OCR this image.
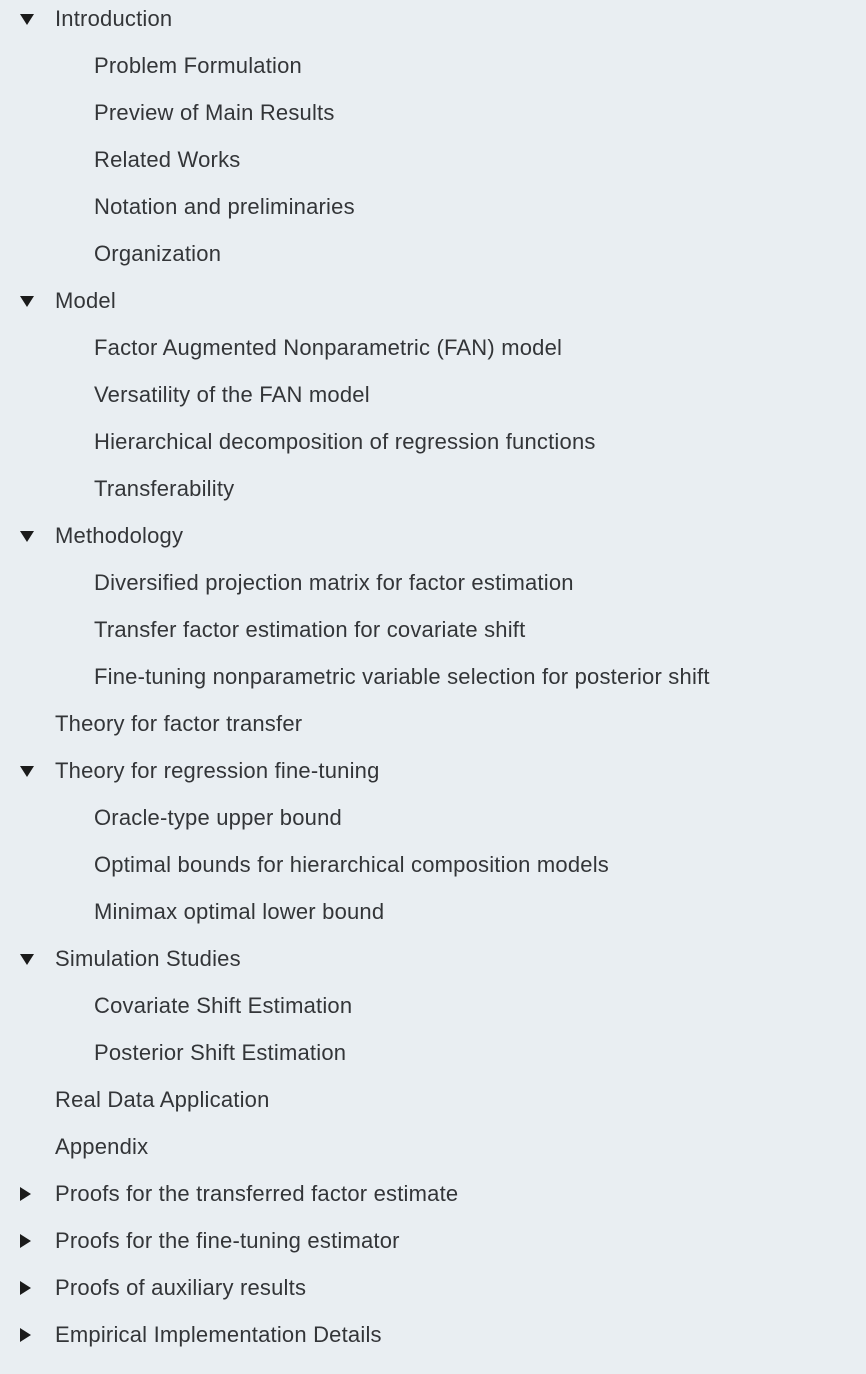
Introduction
Problem Formulation
Preview of Main Results
Related Works
Notation and preliminaries
Organization
Model
Factor Augmented Nonparametric (FAN) model
Versatility of the FAN model
Hierarchical decomposition of regression functions
Transferability
Methodology
Diversified projection matrix for factor estimation
Transfer factor estimation for covariate shift
Fine-tuning nonparametric variable selection for posterior shift
Theory for factor transfer
Theory for regression fine-tuning
Oracle-type upper bound
Optimal bounds for hierarchical composition models
Minimax optimal lower bound
Simulation Studies
Covariate Shift Estimation
Posterior Shift Estimation
Real Data Application
Appendix
Proofs for the transferred factor estimate
Proofs for the fine-tuning estimator
Proofs of auxiliary results
Empirical Implementation Details
